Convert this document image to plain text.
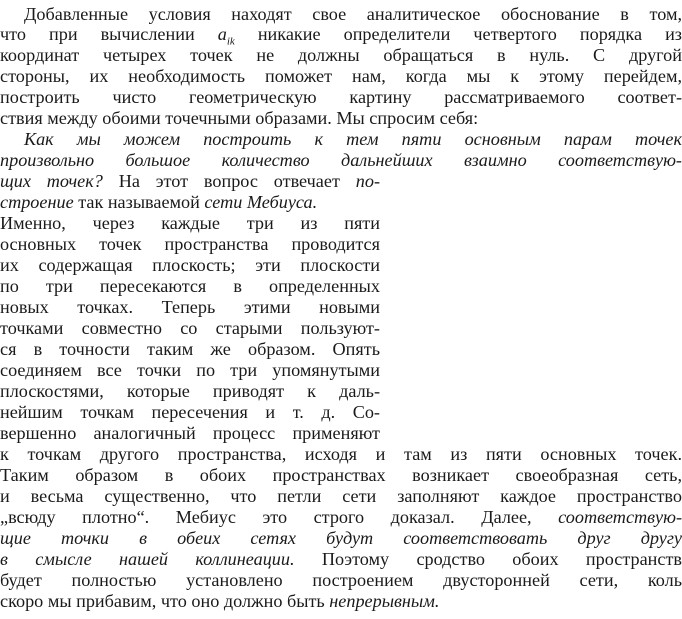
Добавленные условия находят свое аналитическое обоснование в том,
что при вычислении $a_{ik}$ никакие определители четвертого порядка из
координат четырех точек не должны обращаться в нуль. С другой
стороны, их необходимость поможет нам, когда мы к этому перейдем,
построить чисто геометрическую картину рассматриваемого соответ-
ствия между обоими точечными образами. Мы спросим себя:
Как мы можем построить к тем пяти основным парам точек
произвольно большое количество дальнейших взаимно соответствую-
щих точек? На этот вопрос отвечает по-
строение так называемой сети Мебиуса.
Именно, через каждые три из пяти
основных точек пространства проводится
их содержащая плоскость; эти плоскости
по три пересекаются в определенных
новых точках. Теперь этими новыми
точками совместно со старыми пользуют-
ся в точности таким же образом. Опять
соединяем все точки по три упомянутыми
плоскостями, которые приводят к даль-
нейшим точкам пересечения и т. д. Со-
вершенно аналогичный процесс применяют
к точкам другого пространства, исходя и там из пяти основных точек.
Таким образом в обоих пространствах возникает своеобразная сеть,
и весьма существенно, что петли сети заполняют каждое пространство
„всюду плотно“. Мебиус это строго доказал. Далее, соответствую-
щие точки в обеих сетях будут соответствовать друг другу
в смысле нашей коллинеации. Поэтому сродство обоих пространств
будет полностью установлено построением двусторонней сети, коль
скоро мы прибавим, что оно должно быть непрерывным.
